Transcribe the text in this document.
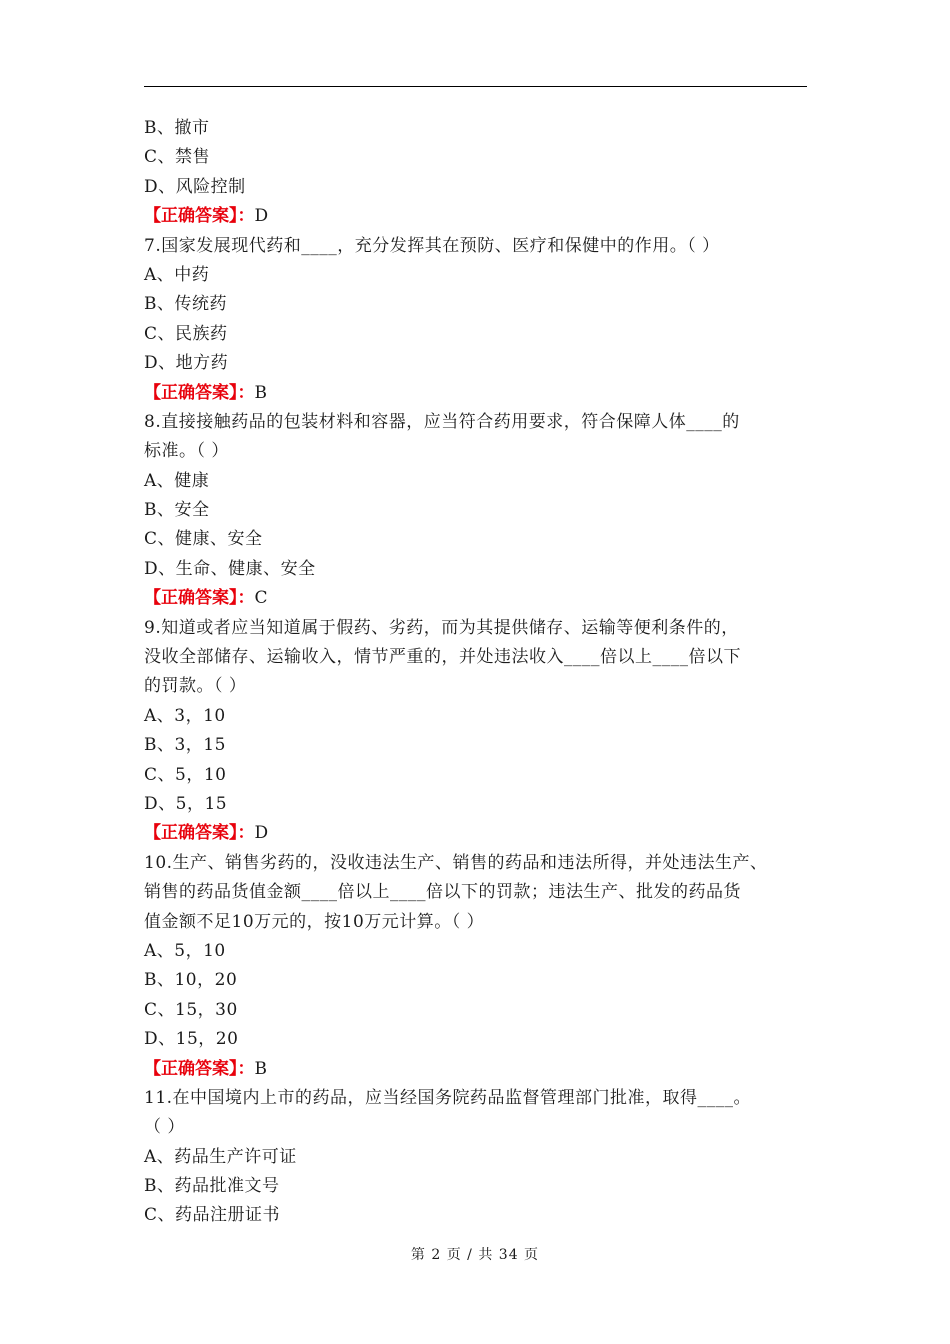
B、撤市
C、禁售
D、风险控制
【正确答案】：D
7.国家发展现代药和____，充分发挥其在预防、医疗和保健中的作用。（ ）
A、中药
B、传统药
C、民族药
D、地方药
【正确答案】：B
8.直接接触药品的包装材料和容器，应当符合药用要求，符合保障人体____的
标准。（ ）
A、健康
B、安全
C、健康、安全
D、生命、健康、安全
【正确答案】：C
9.知道或者应当知道属于假药、劣药，而为其提供储存、运输等便利条件的，
没收全部储存、运输收入，情节严重的，并处违法收入____倍以上____倍以下
的罚款。（ ）
A、3，10
B、3，15
C、5，10
D、5，15
【正确答案】：D
10.生产、销售劣药的，没收违法生产、销售的药品和违法所得，并处违法生产、
销售的药品货值金额____倍以上____倍以下的罚款；违法生产、批发的药品货
值金额不足10万元的，按10万元计算。（ ）
A、5，10
B、10，20
C、15，30
D、15，20
【正确答案】：B
11.在中国境内上市的药品，应当经国务院药品监督管理部门批准，取得____。
（ ）
A、药品生产许可证
B、药品批准文号
C、药品注册证书
第 2 页 / 共 34 页
